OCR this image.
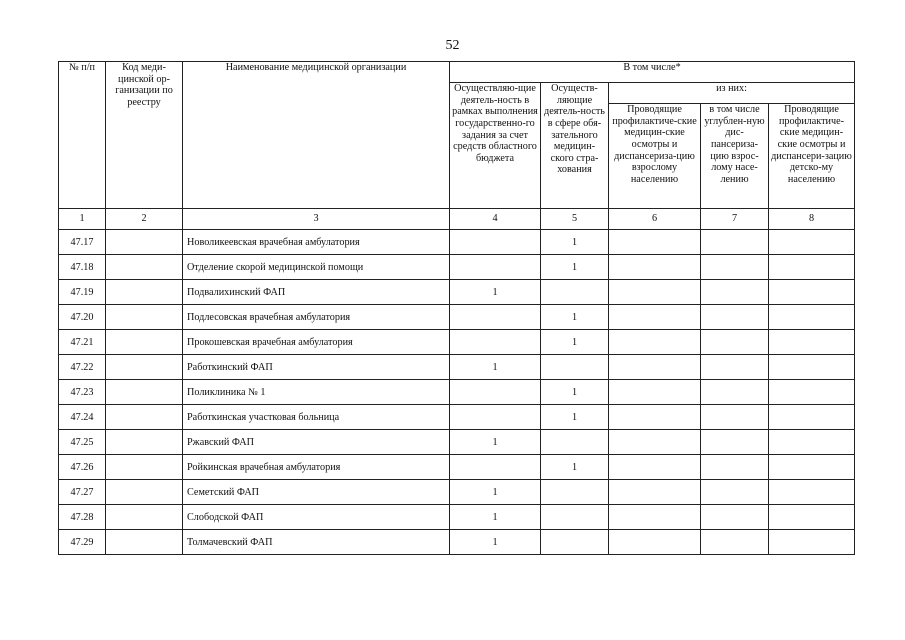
52
№ п/п	Код меди-цинской ор-ганизации по реестру	Наименование медицинской организации	В том числе*				
			Осуществляю-щие деятель-ность в рамках выполнения государственно-го задания за счет средств областного бюджета	Осуществ-ляющие деятель-ность в сфере обя-зательного медицин-ского стра-хования	из них:		
					Проводящие профилактиче-ские медицин-ские осмотры и диспансериза-цию взрослому населению	в том числе углублен-ную дис-пансериза-цию взрос-лому насе-лению	Проводящие профилактиче-ские медицин-ские осмотры и диспансери-зацию детско-му населению
1	2	3	4	5	6	7	8
47.17		Новоликеевская врачебная амбулатория		1			
47.18		Отделение скорой медицинской помощи		1			
47.19		Подвалихинский ФАП	1				
47.20		Подлесовская врачебная амбулатория		1			
47.21		Прокошевская врачебная амбулатория		1			
47.22		Работкинский ФАП	1				
47.23		Поликлиника № 1		1			
47.24		Работкинская участковая больница		1			
47.25		Ржавский ФАП	1				
47.26		Ройкинская врачебная амбулатория		1			
47.27		Семетский ФАП	1				
47.28		Слободской ФАП	1				
47.29		Толмачевский ФАП	1				
